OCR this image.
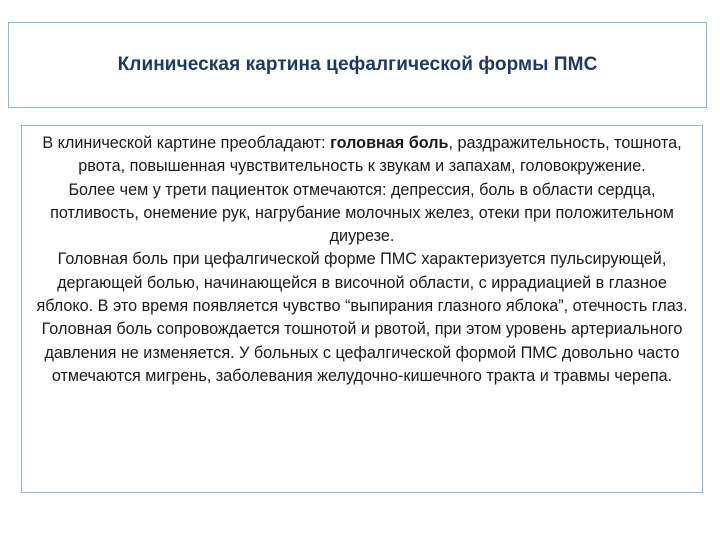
Клиническая картина цефалгической формы ПМС

В клинической картине преобладают: головная боль, раздражительность, тошнота, рвота, повышенная чувствительность к звукам и запахам, головокружение.

Более чем у трети пациенток отмечаются: депрессия, боль в области сердца, потливость, онемение рук, нагрубание молочных желез, отеки при положительном диурезе.

Головная боль при цефалгической форме ПМС характеризуется пульсирующей, дергающей болью, начинающейся в височной области, с иррадиацией в глазное яблоко. В это время появляется чувство “выпирания глазного яблока”, отечность глаз.

Головная боль сопровождается тошнотой и рвотой, при этом уровень артериального давления не изменяется. У больных с цефалгической формой ПМС довольно часто отмечаются мигрень, заболевания желудочно-кишечного тракта и травмы черепа.
